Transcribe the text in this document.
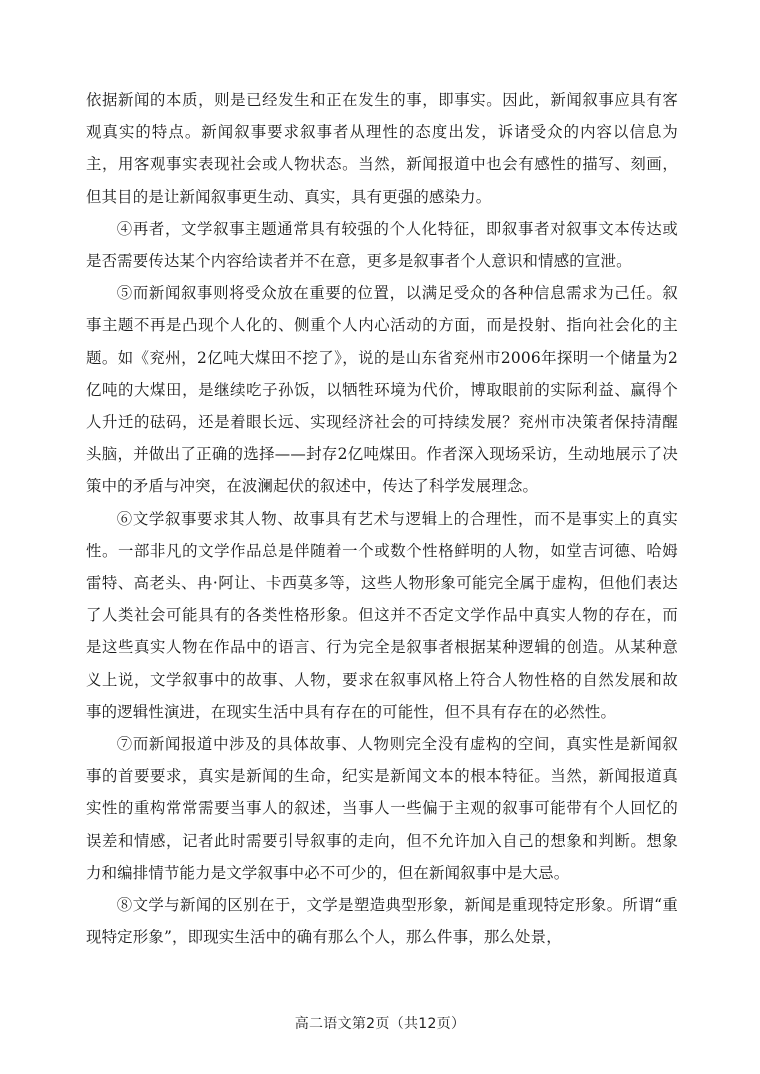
依据新闻的本质，则是已经发生和正在发生的事，即事实。因此，新闻叙事应具有客观真实的特点。新闻叙事要求叙事者从理性的态度出发，诉诸受众的内容以信息为主，用客观事实表现社会或人物状态。当然，新闻报道中也会有感性的描写、刻画，但其目的是让新闻叙事更生动、真实，具有更强的感染力。

④再者，文学叙事主题通常具有较强的个人化特征，即叙事者对叙事文本传达或是否需要传达某个内容给读者并不在意，更多是叙事者个人意识和情感的宣泄。

⑤而新闻叙事则将受众放在重要的位置，以满足受众的各种信息需求为己任。叙事主题不再是凸现个人化的、侧重个人内心活动的方面，而是投射、指向社会化的主题。如《兖州，2亿吨大煤田不挖了》，说的是山东省兖州市2006年探明一个储量为2亿吨的大煤田，是继续吃子孙饭，以牺牲环境为代价，博取眼前的实际利益、赢得个人升迁的砝码，还是着眼长远、实现经济社会的可持续发展？兖州市决策者保持清醒头脑，并做出了正确的选择——封存2亿吨煤田。作者深入现场采访，生动地展示了决策中的矛盾与冲突，在波澜起伏的叙述中，传达了科学发展理念。

⑥文学叙事要求其人物、故事具有艺术与逻辑上的合理性，而不是事实上的真实性。一部非凡的文学作品总是伴随着一个或数个性格鲜明的人物，如堂吉诃德、哈姆雷特、高老头、冉·阿让、卡西莫多等，这些人物形象可能完全属于虚构，但他们表达了人类社会可能具有的各类性格形象。但这并不否定文学作品中真实人物的存在，而是这些真实人物在作品中的语言、行为完全是叙事者根据某种逻辑的创造。从某种意义上说，文学叙事中的故事、人物，要求在叙事风格上符合人物性格的自然发展和故事的逻辑性演进，在现实生活中具有存在的可能性，但不具有存在的必然性。

⑦而新闻报道中涉及的具体故事、人物则完全没有虚构的空间，真实性是新闻叙事的首要要求，真实是新闻的生命，纪实是新闻文本的根本特征。当然，新闻报道真实性的重构常常需要当事人的叙述，当事人一些偏于主观的叙事可能带有个人回忆的误差和情感，记者此时需要引导叙事的走向，但不允许加入自己的想象和判断。想象力和编排情节能力是文学叙事中必不可少的，但在新闻叙事中是大忌。

⑧文学与新闻的区别在于，文学是塑造典型形象，新闻是重现特定形象。所谓“重现特定形象”，即现实生活中的确有那么个人，那么件事，那么处景，

高二语文第2页（共12页）
